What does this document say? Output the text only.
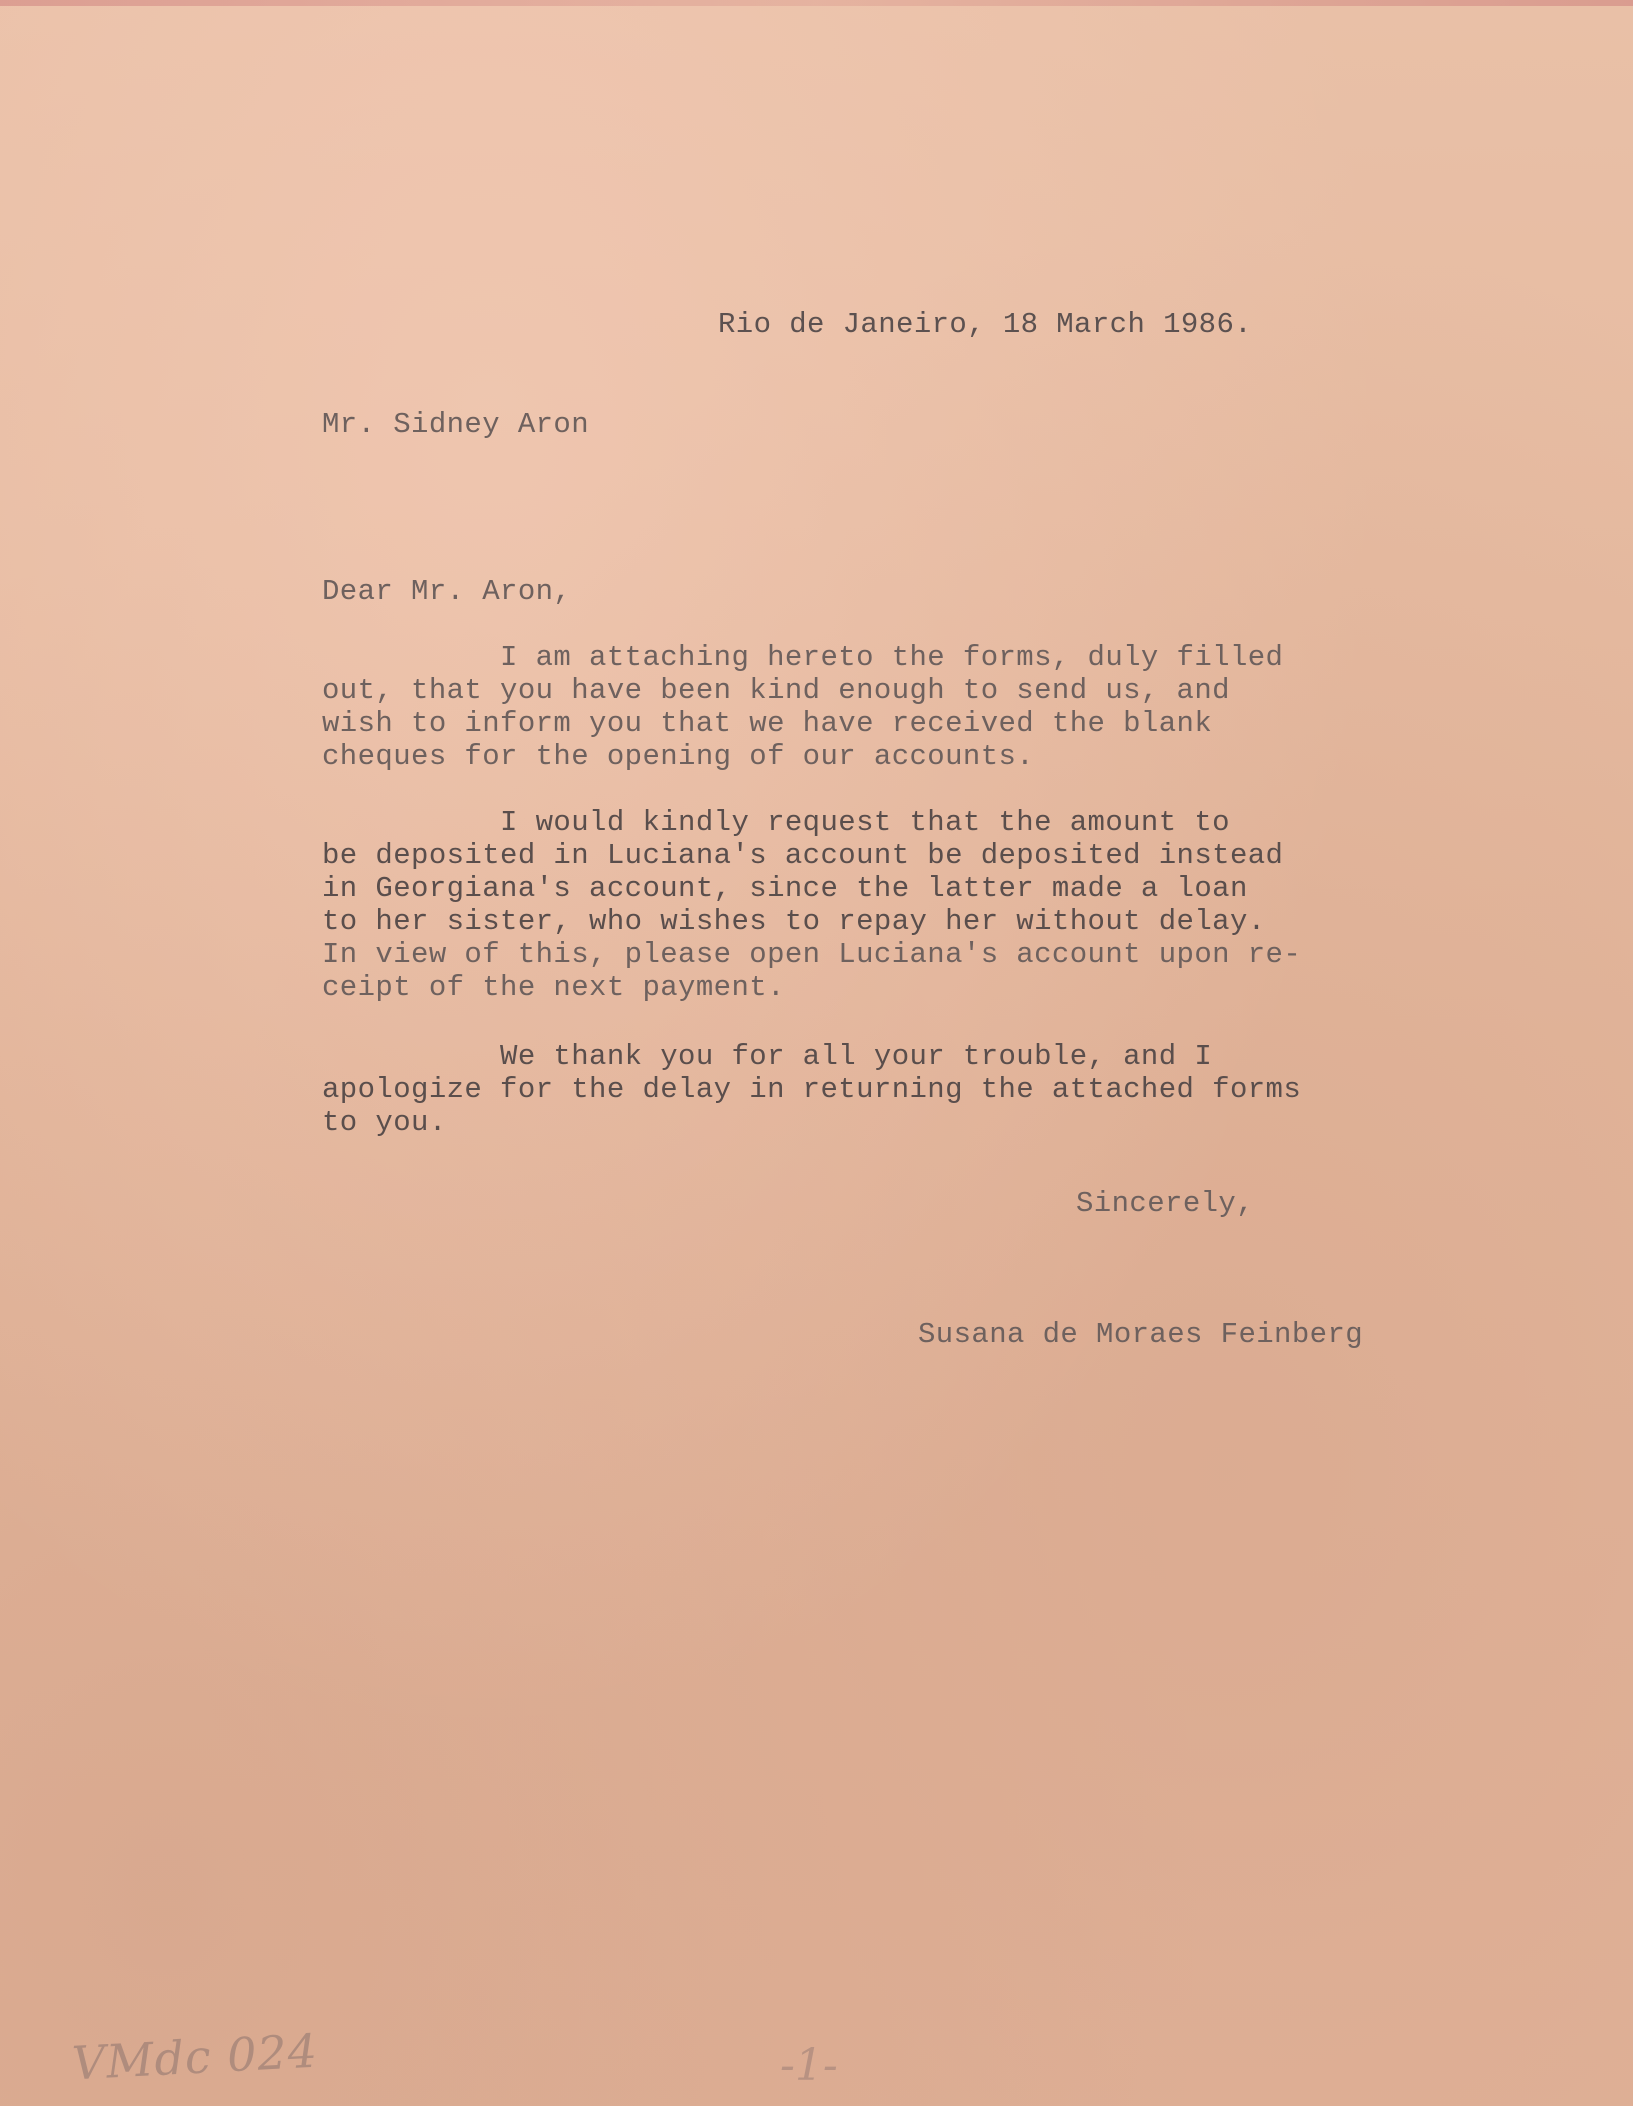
Rio de Janeiro, 18 March 1986.
Mr. Sidney Aron
Dear Mr. Aron,
I am attaching hereto the forms, duly filled
out, that you have been kind enough to send us, and
wish to inform you that we have received the blank
cheques for the opening of our accounts.
I would kindly request that the amount to
be deposited in Luciana's account be deposited instead
in Georgiana's account, since the latter made a loan
to her sister, who wishes to repay her without delay.
In view of this, please open Luciana's account upon re-
ceipt of the next payment.
We thank you for all your trouble, and I
apologize for the delay in returning the attached forms
to you.
Sincerely,
Susana de Moraes Feinberg
VMdc 024	-1-
